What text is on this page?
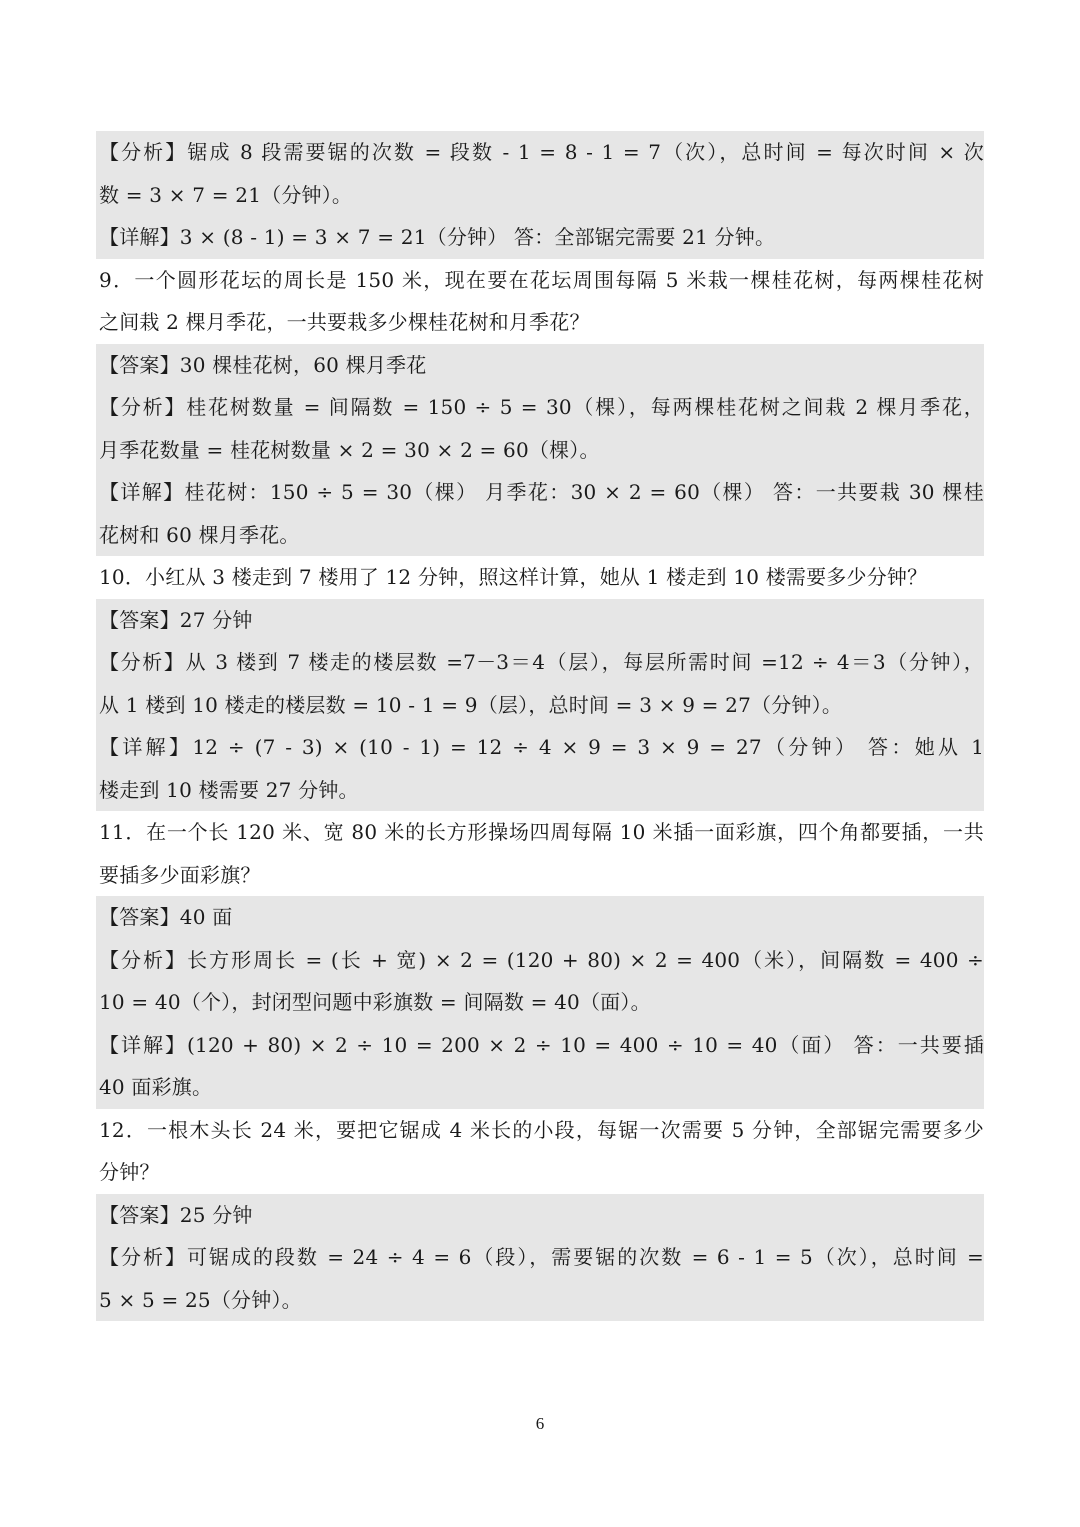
【分析】锯成 8 段需要锯的次数 = 段数 - 1 = 8 - 1 = 7（次），总时间 = 每次时间 × 次
数 = 3 × 7 = 21（分钟）。
【详解】3 × (8 - 1) = 3 × 7 = 21（分钟） 答：全部锯完需要 21 分钟。
9．一个圆形花坛的周长是 150 米，现在要在花坛周围每隔 5 米栽一棵桂花树，每两棵桂花树
之间栽 2 棵月季花，一共要栽多少棵桂花树和月季花？
【答案】30 棵桂花树，60 棵月季花
【分析】桂花树数量 = 间隔数 = 150 ÷ 5 = 30（棵），每两棵桂花树之间栽 2 棵月季花，
月季花数量 = 桂花树数量 × 2 = 30 × 2 = 60（棵）。
【详解】桂花树：150 ÷ 5 = 30（棵） 月季花：30 × 2 = 60（棵） 答：一共要栽 30 棵桂
花树和 60 棵月季花。
10．小红从 3 楼走到 7 楼用了 12 分钟，照这样计算，她从 1 楼走到 10 楼需要多少分钟？
【答案】27 分钟
【分析】从 3 楼到 7 楼走的楼层数 =7－3＝4（层），每层所需时间 =12 ÷ 4＝3（分钟），
从 1 楼到 10 楼走的楼层数 = 10 - 1 = 9（层），总时间 = 3 × 9 = 27（分钟）。
【详解】12 ÷ (7 - 3) × (10 - 1) = 12 ÷ 4 × 9 = 3 × 9 = 27（分钟） 答：她从 1
楼走到 10 楼需要 27 分钟。
11．在一个长 120 米、宽 80 米的长方形操场四周每隔 10 米插一面彩旗，四个角都要插，一共
要插多少面彩旗？
【答案】40 面
【分析】长方形周长 = (长 + 宽) × 2 = (120 + 80) × 2 = 400（米），间隔数 = 400 ÷
10 = 40（个），封闭型问题中彩旗数 = 间隔数 = 40（面）。
【详解】(120 + 80) × 2 ÷ 10 = 200 × 2 ÷ 10 = 400 ÷ 10 = 40（面） 答：一共要插
40 面彩旗。
12．一根木头长 24 米，要把它锯成 4 米长的小段，每锯一次需要 5 分钟，全部锯完需要多少
分钟？
【答案】25 分钟
【分析】可锯成的段数 = 24 ÷ 4 = 6（段），需要锯的次数 = 6 - 1 = 5（次），总时间 =
5 × 5 = 25（分钟）。
6
